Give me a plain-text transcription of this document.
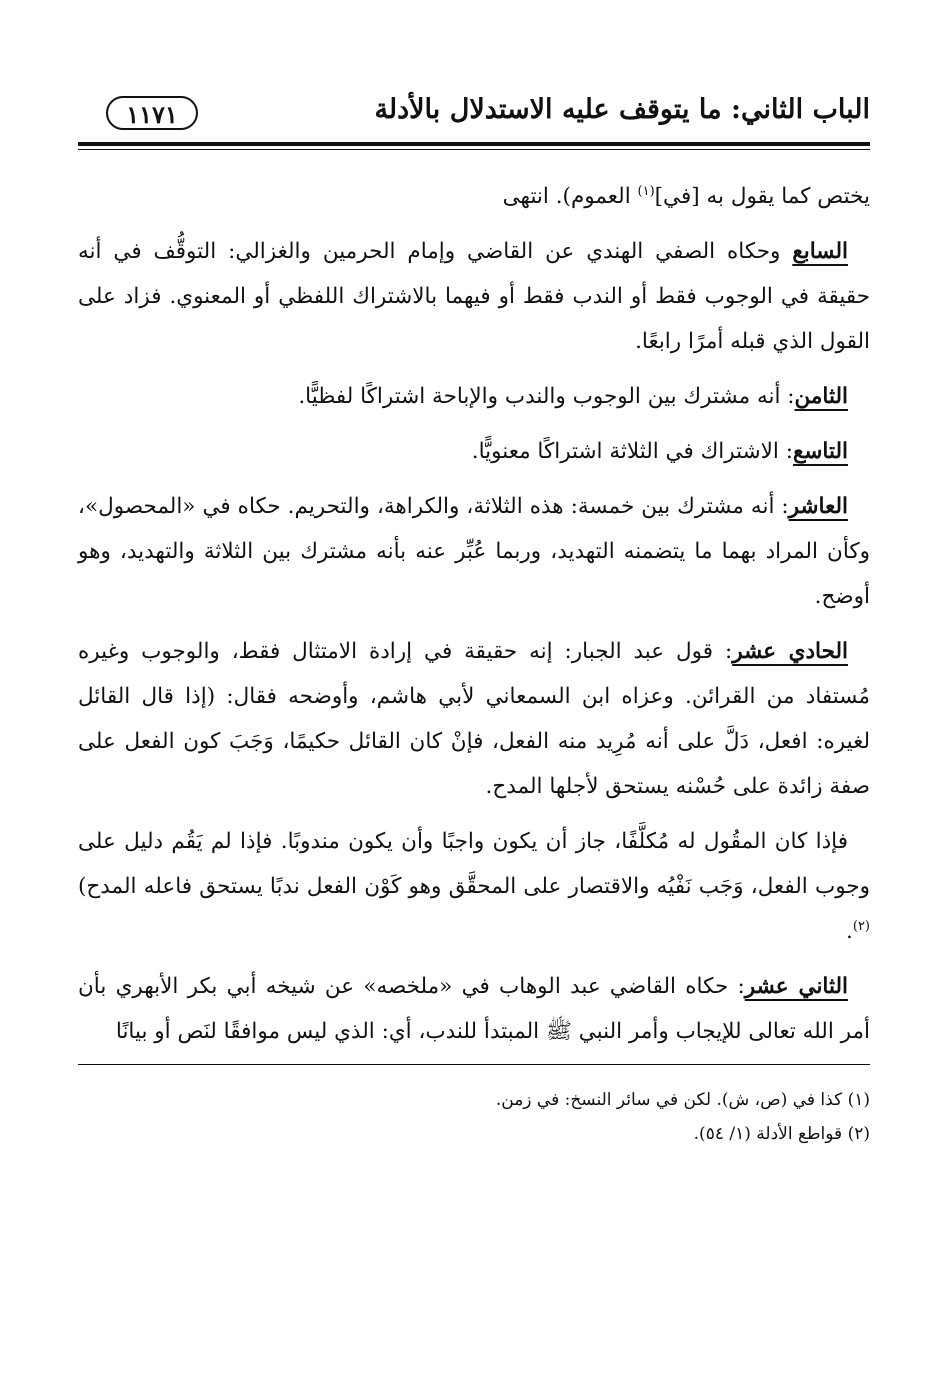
الباب الثاني: ما يتوقف عليه الاستدلال بالأدلة
١١٧١

يختص كما يقول به [في]$^{(١)}$ العموم). انتهى

السابع وحكاه الصفي الهندي عن القاضي وإمام الحرمين والغزالي: التوقُّف في أنه حقيقة في الوجوب فقط أو الندب فقط أو فيهما بالاشتراك اللفظي أو المعنوي. فزاد على القول الذي قبله أمرًا رابعًا.

الثامن: أنه مشترك بين الوجوب والندب والإباحة اشتراكًا لفظيًّا.

التاسع: الاشتراك في الثلاثة اشتراكًا معنويًّا.

العاشر: أنه مشترك بين خمسة: هذه الثلاثة، والكراهة، والتحريم. حكاه في «المحصول»، وكأن المراد بهما ما يتضمنه التهديد، وربما عُبِّر عنه بأنه مشترك بين الثلاثة والتهديد، وهو أوضح.

الحادي عشر: قول عبد الجبار: إنه حقيقة في إرادة الامتثال فقط، والوجوب وغيره مُستفاد من القرائن. وعزاه ابن السمعاني لأبي هاشم، وأوضحه فقال: (إذا قال القائل لغيره: افعل، دَلَّ على أنه مُرِيد منه الفعل، فإنْ كان القائل حكيمًا، وَجَبَ كون الفعل على صفة زائدة على حُسْنه يستحق لأجلها المدح.

فإذا كان المقُول له مُكلَّفًا، جاز أن يكون واجبًا وأن يكون مندوبًا. فإذا لم يَقُم دليل على وجوب الفعل، وَجَب نَفْيُه والاقتصار على المحقَّق وهو كَوْن الفعل ندبًا يستحق فاعله المدح)$^{(٢)}$.

الثاني عشر: حكاه القاضي عبد الوهاب في «ملخصه» عن شيخه أبي بكر الأبهري بأن أمر الله تعالى للإيجاب وأمر النبي ﷺ المبتدأ للندب، أي: الذي ليس موافقًا لنَص أو بيانًا

(١) كذا في (ص، ش). لكن في سائر النسخ: في زمن.

(٢) قواطع الأدلة (١/ ٥٤).
